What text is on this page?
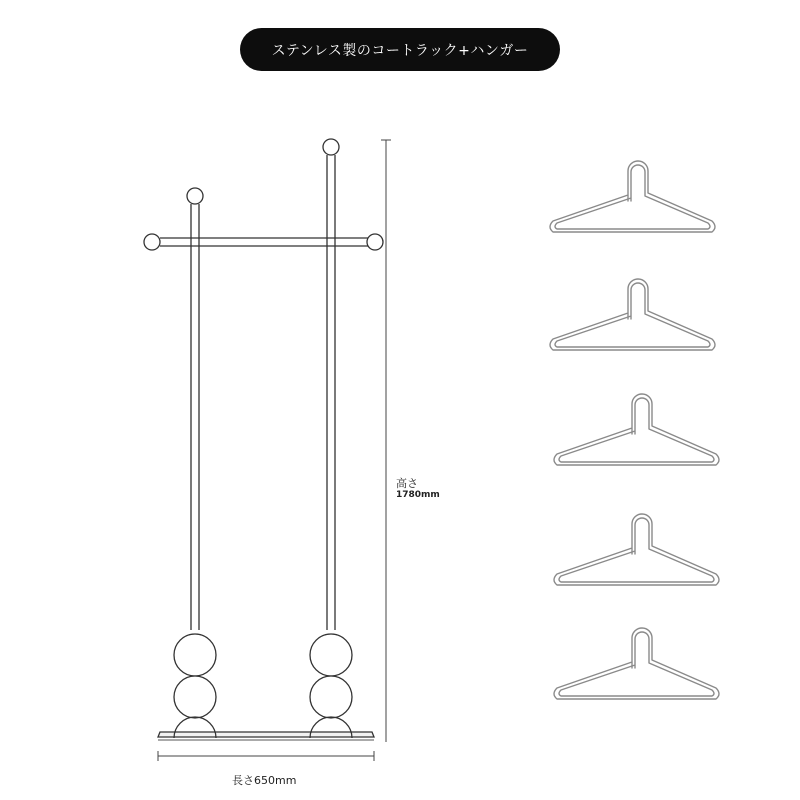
ステンレス製のコートラック+ハンガー
高さ
1780mm
長さ650mm
